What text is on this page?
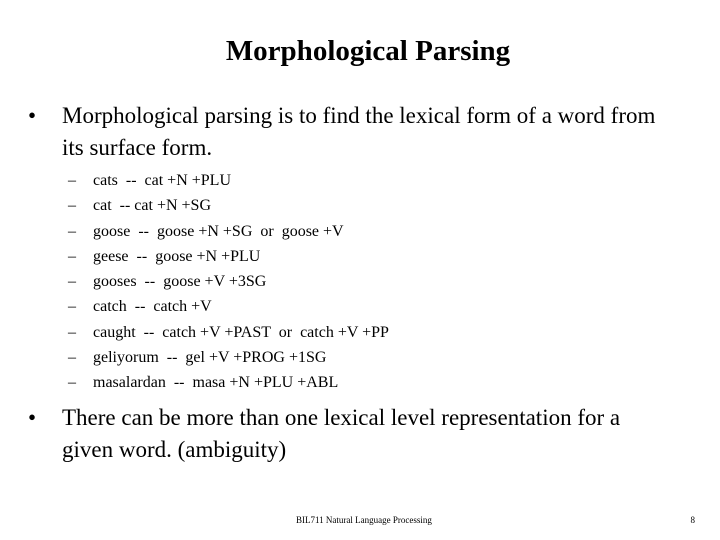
Morphological Parsing
•	Morphological parsing is to find the lexical form of a word from its surface form.
–	cats  --  cat +N +PLU
–	cat  -- cat +N +SG
–	goose  --  goose +N +SG  or  goose +V
–	geese  --  goose +N +PLU
–	gooses  --  goose +V +3SG
–	catch  --  catch +V
–	caught  --  catch +V +PAST  or  catch +V +PP
–	geliyorum  --  gel +V +PROG +1SG
–	masalardan  --  masa +N +PLU +ABL
•	There can be more than one lexical level representation for a given word. (ambiguity)
BIL711 Natural Language Processing	8
